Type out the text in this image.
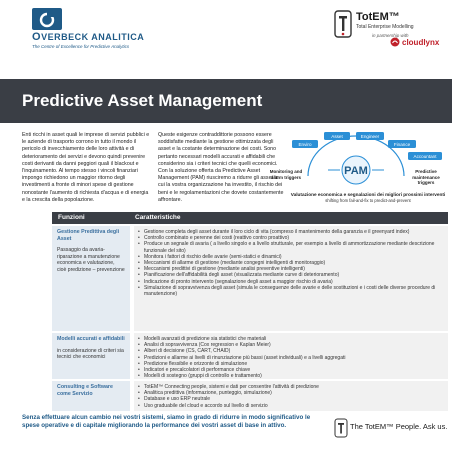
OVERBECK ANALITICA
The Centre of Excellence for Predictive Analytics
TotEM™
Total Enterprise Modelling
in partnership with
cloudlynx
Predictive Asset Management
Enti ricchi in asset quali le imprese di servizi pubblici e le aziende di trasporto corrono in tutto il mondo il pericolo di invecchiamento delle loro attività e di deterioramento dei servizi e devono quindi prevenire costi derivanti da danni peggiori quali il blackout e l'inquinamento. Al tempo stesso i vincoli finanziari impongo richiedono un maggior ritorno degli investimenti a fronte di minori spese di gestione nonostante l'aumento di richiesta d'acqua e di energia e la crescita della popolazione.
Queste esigenze contraddittorie possono essere soddisfatte mediante la gestione ottimizzata degli asset e la costante determinazione dei costi. Sono pertanto necessari modelli accurati e affidabili che considerino sia i criteri tecnici che quelli economici. Con la soluzione offerta da Predictive Asset Management (PAM) riusciremo a ridurre gli asset in cui la vostra organizzazione ha investito, il rischio dei beni e le regolamentazioni che dovete costantemente affrontare.
Enviro
Asset	Engineer
Finance
Accountant
PAM
Monitoring and alarm triggers
Predictive maintenance triggers
Valutazione economica e segnalazioni dei migliori prossimi interventi
shifting from fail-and-fix to predict-and-prevent
Funzioni	Caratteristiche
Gestione Predittiva degli Asset
Passaggio da avaria-riparazione a manutenzione economica e valutazione, cioè predizione – prevenzione
• Gestione completa degli asset durante il loro ciclo di vita (compreso il mantenimento della garanzia e il greenyard index)
• Controllo combinato e perenne dei costi (reattivo contro proattivo)
• Produce un segnale di avaria ( a livello singolo e a livello strutturale, per esempio a livello di ammortizzazione mediante descrizione funzionale del sito)
• Monitora i fattori di rischio delle avarie (semi-statici e dinamici)
• Meccanismi di allarme di gestione (mediante congegni intelligenti di monitoraggio)
• Meccanismi predittivi di gestione (mediante analisi preventive intelligenti)
• Pianificazione dell'affidabilità degli asset (visualizzata mediante curve di deterioramento)
• Indicazione di pronto intervento (segnalazione degli asset a maggior rischio di avaria)
• Simulazione di sopravvivenza degli asset (simula le conseguenze delle avarie e delle sostituzioni e i costi delle diverse procedure di manutenzione)
Modelli accurati e affidabili
in considerazione di criteri sia tecnici che economici
• Modelli avanzati di predizione sia statistici che materiali
• Analisi di sopravvivenza (Cox regression e Kaplan Meier)
• Alberi di decisione (CS, CART, CHAID)
• Predizioni e allarme ai livelli di rinunziazione più bassi (asset individuali) e a livelli aggregati
• Predizione flessibile e orizzonte di simulazione
• Indicatori e precalcolatori di performance chiave
• Modelli di sostegno (gruppi di controllo e trattamento)
Consulting e Software come Servizio
• TotEM™ Connecting people, sistemi e dati per consentire l'attività di predizione
• Analitica predittiva (informazione, punteggio, simulazione)
• Database e uso ERP neutrale
• Uso graduabile del cloud e accordo sul livello di servizio
Senza effettuare alcun cambio nei vostri sistemi, siamo in grado di ridurre in modo significativo le spese operative e di capitale migliorando la performance dei vostri asset di base in attivo.	The TotEM™ People. Ask us.
